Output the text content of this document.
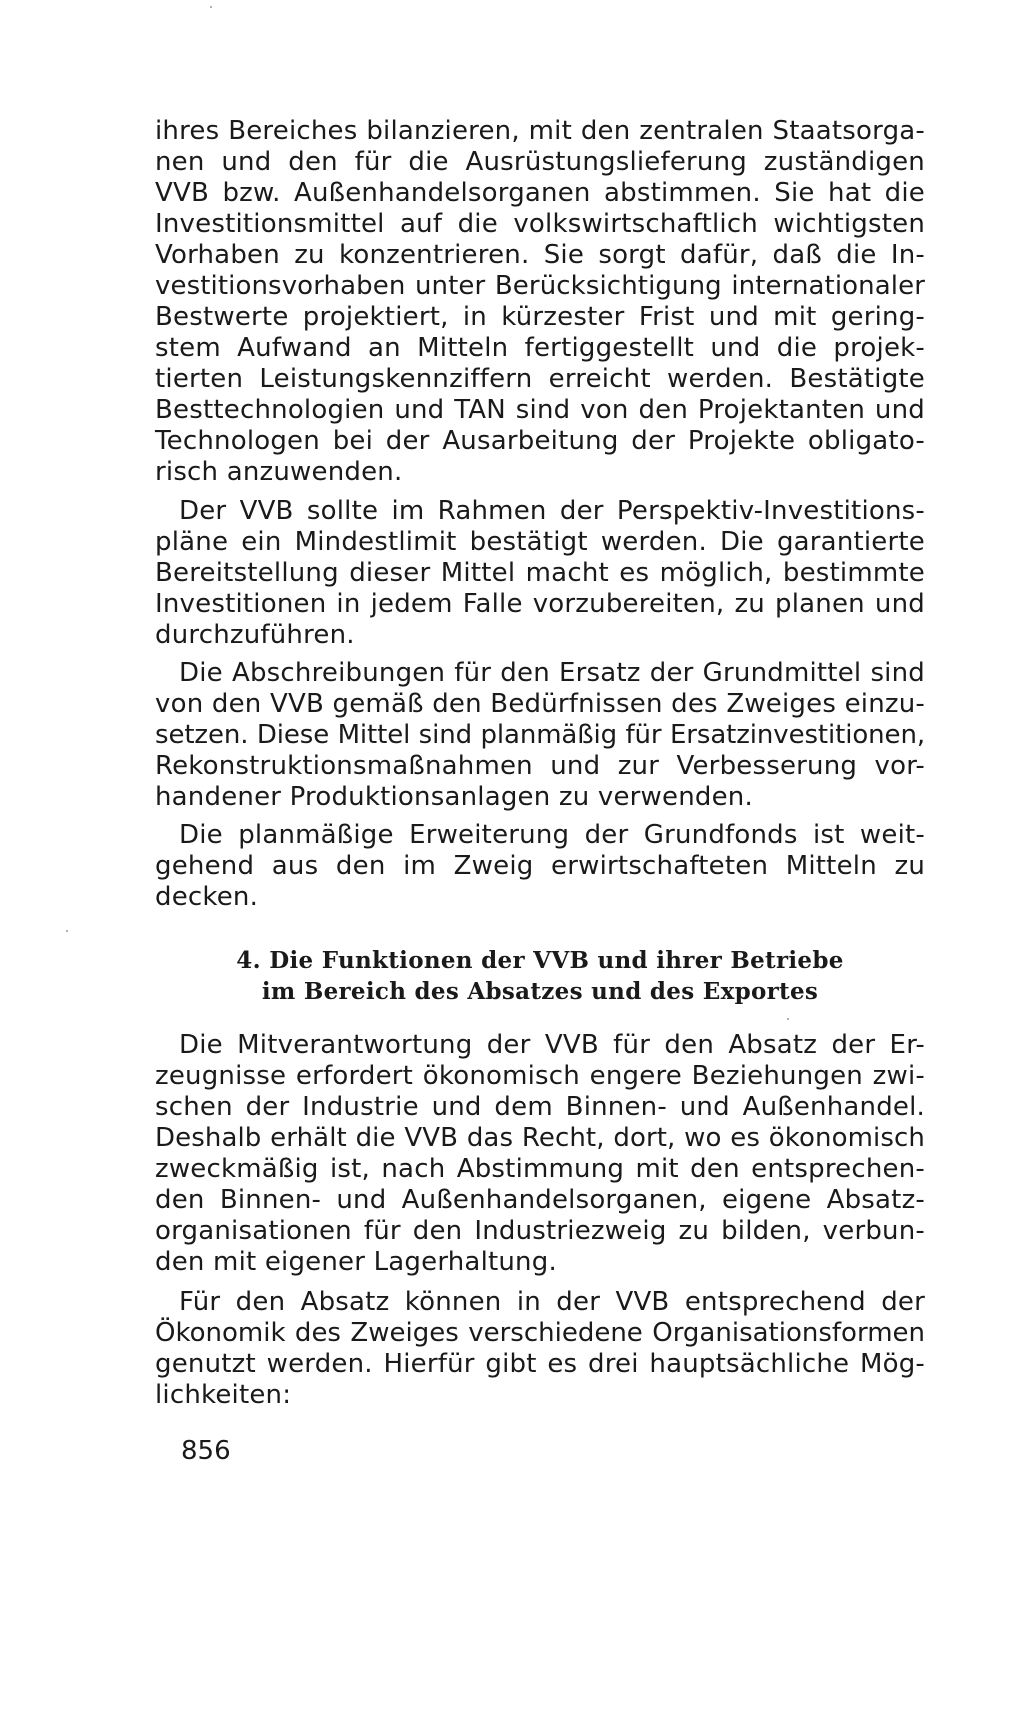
ihres Bereiches bilanzieren, mit den zentralen Staatsorga-
nen und den für die Ausrüstungslieferung zuständigen
VVB bzw. Außenhandelsorganen abstimmen. Sie hat die
Investitionsmittel auf die volkswirtschaftlich wichtigsten
Vorhaben zu konzentrieren. Sie sorgt dafür, daß die In-
vestitionsvorhaben unter Berücksichtigung internationaler
Bestwerte projektiert, in kürzester Frist und mit gering-
stem Aufwand an Mitteln fertiggestellt und die projek-
tierten Leistungskennziffern erreicht werden. Bestätigte
Besttechnologien und TAN sind von den Projektanten und
Technologen bei der Ausarbeitung der Projekte obligato-
risch anzuwenden.
Der VVB sollte im Rahmen der Perspektiv-Investitions-
pläne ein Mindestlimit bestätigt werden. Die garantierte
Bereitstellung dieser Mittel macht es möglich, bestimmte
Investitionen in jedem Falle vorzubereiten, zu planen und
durchzuführen.
Die Abschreibungen für den Ersatz der Grundmittel sind
von den VVB gemäß den Bedürfnissen des Zweiges einzu-
setzen. Diese Mittel sind planmäßig für Ersatzinvestitionen,
Rekonstruktionsmaßnahmen und zur Verbesserung vor-
handener Produktionsanlagen zu verwenden.
Die planmäßige Erweiterung der Grundfonds ist weit-
gehend aus den im Zweig erwirtschafteten Mitteln zu
decken.
4. Die Funktionen der VVB und ihrer Betriebe
im Bereich des Absatzes und des Exportes
Die Mitverantwortung der VVB für den Absatz der Er-
zeugnisse erfordert ökonomisch engere Beziehungen zwi-
schen der Industrie und dem Binnen- und Außenhandel.
Deshalb erhält die VVB das Recht, dort, wo es ökonomisch
zweckmäßig ist, nach Abstimmung mit den entsprechen-
den Binnen- und Außenhandelsorganen, eigene Absatz-
organisationen für den Industriezweig zu bilden, verbun-
den mit eigener Lagerhaltung.
Für den Absatz können in der VVB entsprechend der
Ökonomik des Zweiges verschiedene Organisationsformen
genutzt werden. Hierfür gibt es drei hauptsächliche Mög-
lichkeiten:
856
